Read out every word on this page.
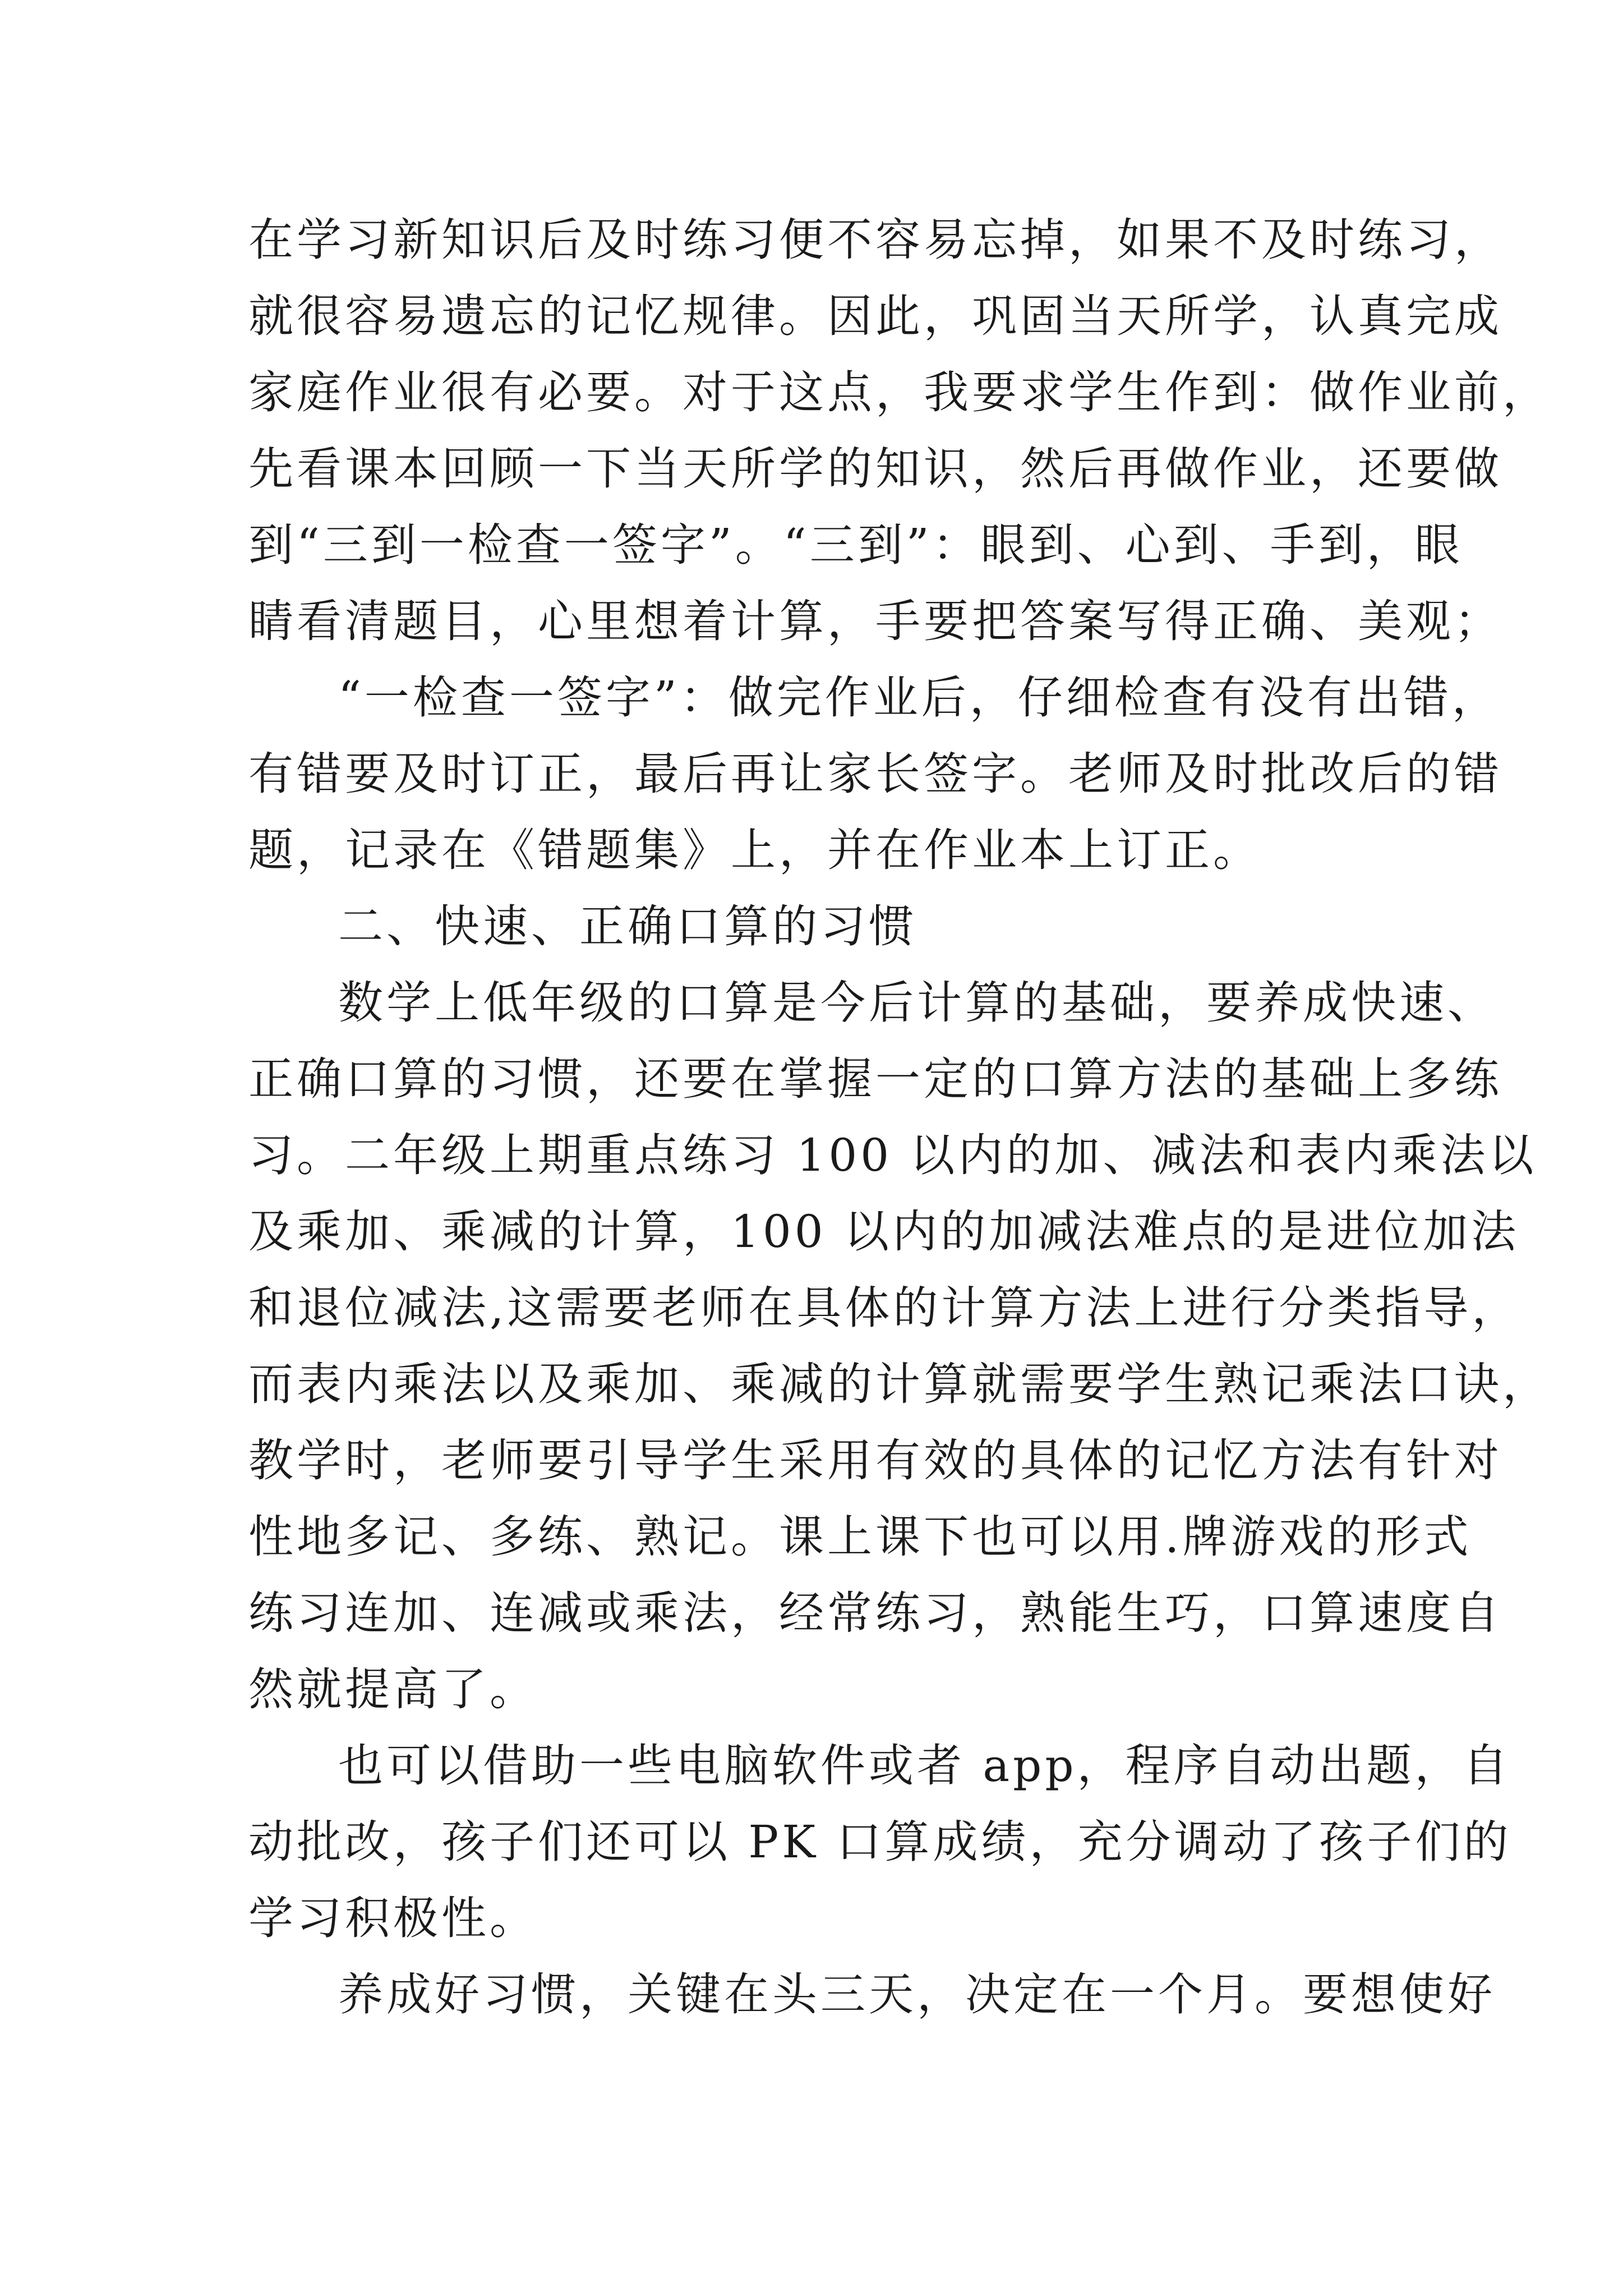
在学习新知识后及时练习便不容易忘掉，如果不及时练习，
就很容易遗忘的记忆规律。因此，巩固当天所学，认真完成
家庭作业很有必要。对于这点，我要求学生作到：做作业前，
先看课本回顾一下当天所学的知识，然后再做作业，还要做
到“三到一检查一签字”。“三到”：眼到、心到、手到，眼
睛看清题目，心里想着计算，手要把答案写得正确、美观；
“一检查一签字”：做完作业后，仔细检查有没有出错，
有错要及时订正，最后再让家长签字。老师及时批改后的错
题，记录在《错题集》上，并在作业本上订正。
二、快速、正确口算的习惯
数学上低年级的口算是今后计算的基础，要养成快速、
正确口算的习惯，还要在掌握一定的口算方法的基础上多练
习。二年级上期重点练习 100 以内的加、减法和表内乘法以
及乘加、乘减的计算，100 以内的加减法难点的是进位加法
和退位减法,这需要老师在具体的计算方法上进行分类指导，
而表内乘法以及乘加、乘减的计算就需要学生熟记乘法口诀，
教学时，老师要引导学生采用有效的具体的记忆方法有针对
性地多记、多练、熟记。课上课下也可以用.牌游戏的形式
练习连加、连减或乘法，经常练习，熟能生巧，口算速度自
然就提高了。
也可以借助一些电脑软件或者 app，程序自动出题，自
动批改，孩子们还可以 PK 口算成绩，充分调动了孩子们的
学习积极性。
养成好习惯，关键在头三天，决定在一个月。要想使好
